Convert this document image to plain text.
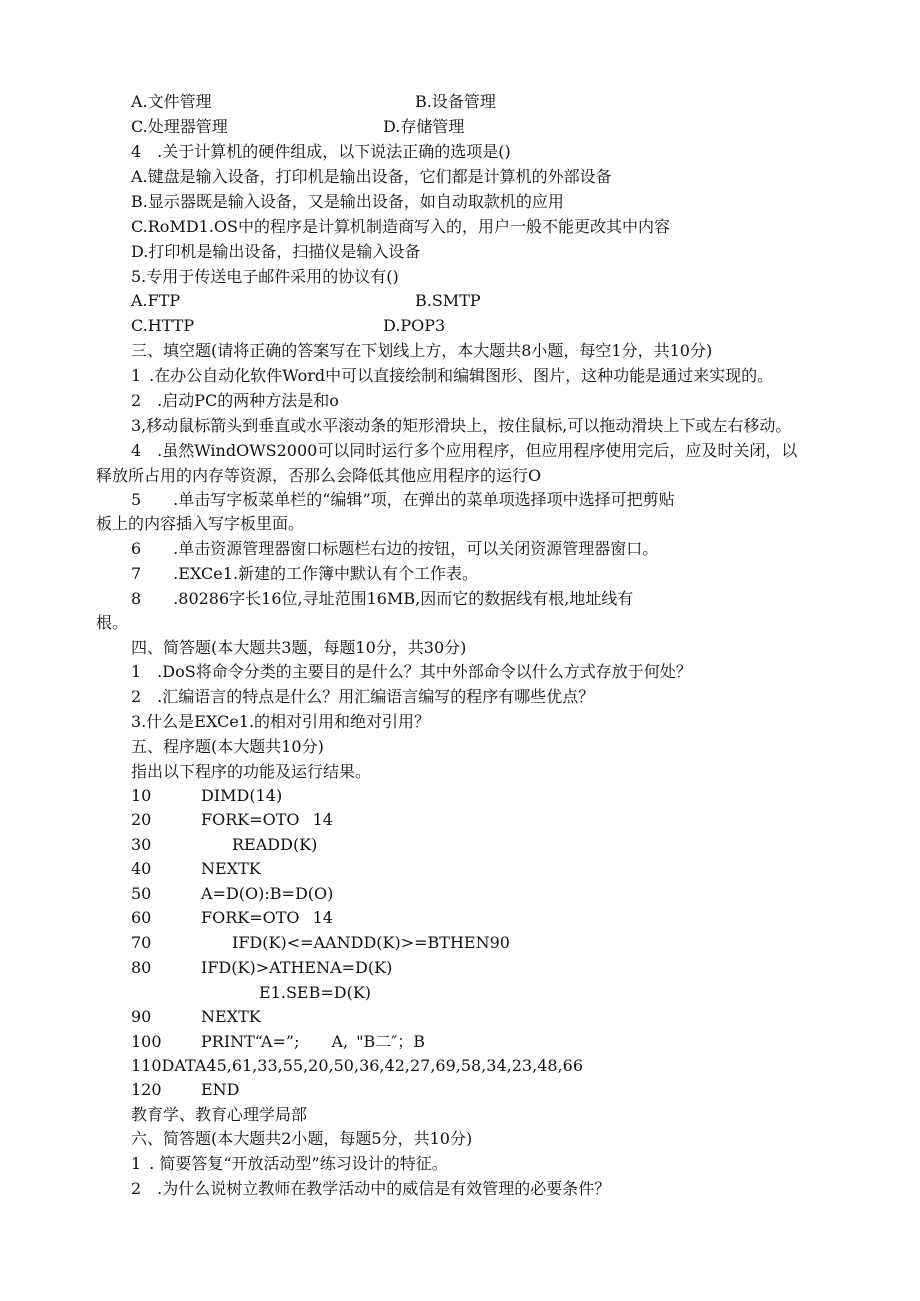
A.文件管理	B.设备管理
C.处理器管理	D.存储管理
4 .关于计算机的硬件组成，以下说法正确的选项是()
A.键盘是输入设备，打印机是输出设备，它们都是计算机的外部设备
B.显示器既是输入设备，又是输出设备，如自动取款机的应用
C.RoMD1.OS中的程序是计算机制造商写入的，用户一般不能更改其中内容
D.打印机是输出设备，扫描仪是输入设备
5.专用于传送电子邮件采用的协议有()
A.FTP	B.SMTP
C.HTTP	D.POP3
三、填空题(请将正确的答案写在下划线上方，本大题共8小题，每空1分，共10分)
1 .在办公自动化软件Word中可以直接绘制和编辑图形、图片，这种功能是通过来实现的。
2 .启动PC的两种方法是和o
3,移动鼠标箭头到垂直或水平滚动条的矩形滑块上，按住鼠标,可以拖动滑块上下或左右移动。
4 .虽然WindOWS2000可以同时运行多个应用程序，但应用程序使用完后，应及时关闭，以
释放所占用的内存等资源，否那么会降低其他应用程序的运行O
5  .单击写字板菜单栏的“编辑”项，在弹出的菜单项选择项中选择可把剪贴
板上的内容插入写字板里面。
6  .单击资源管理器窗口标题栏右边的按钮，可以关闭资源管理器窗口。
7  .EXCe1.新建的工作簿中默认有个工作表。
8  .80286字长16位,寻址范围16MB,因而它的数据线有根,地址线有
根。
四、简答题(本大题共3题，每题10分，共30分)
1 .DoS将命令分类的主要目的是什么？其中外部命令以什么方式存放于何处？
2 .汇编语言的特点是什么？用汇编语言编写的程序有哪些优点？
3.什么是EXCe1.的相对引用和绝对引用？
五、程序题(本大题共10分)
指出以下程序的功能及运行结果。
10	DIMD(14)
20	FORK=OTO  14
30	READD(K)
40	NEXTK
50	A=D(O):B=D(O)
60	FORK=OTO  14
70	IFD(K)<=AANDD(K)>=BTHEN90
80	IFD(K)>ATHENA=D(K)
E1.SEB=D(K)
90	NEXTK
100 PRINT“A=”;  A, "B二″；B
110DATA45,61,33,55,20,50,36,42,27,69,58,34,23,48,66
120 END
教育学、教育心理学局部
六、简答题(本大题共2小题，每题5分，共10分)
1 . 简要答复“开放活动型”练习设计的特征。
2 .为什么说树立教师在教学活动中的威信是有效管理的必要条件？
